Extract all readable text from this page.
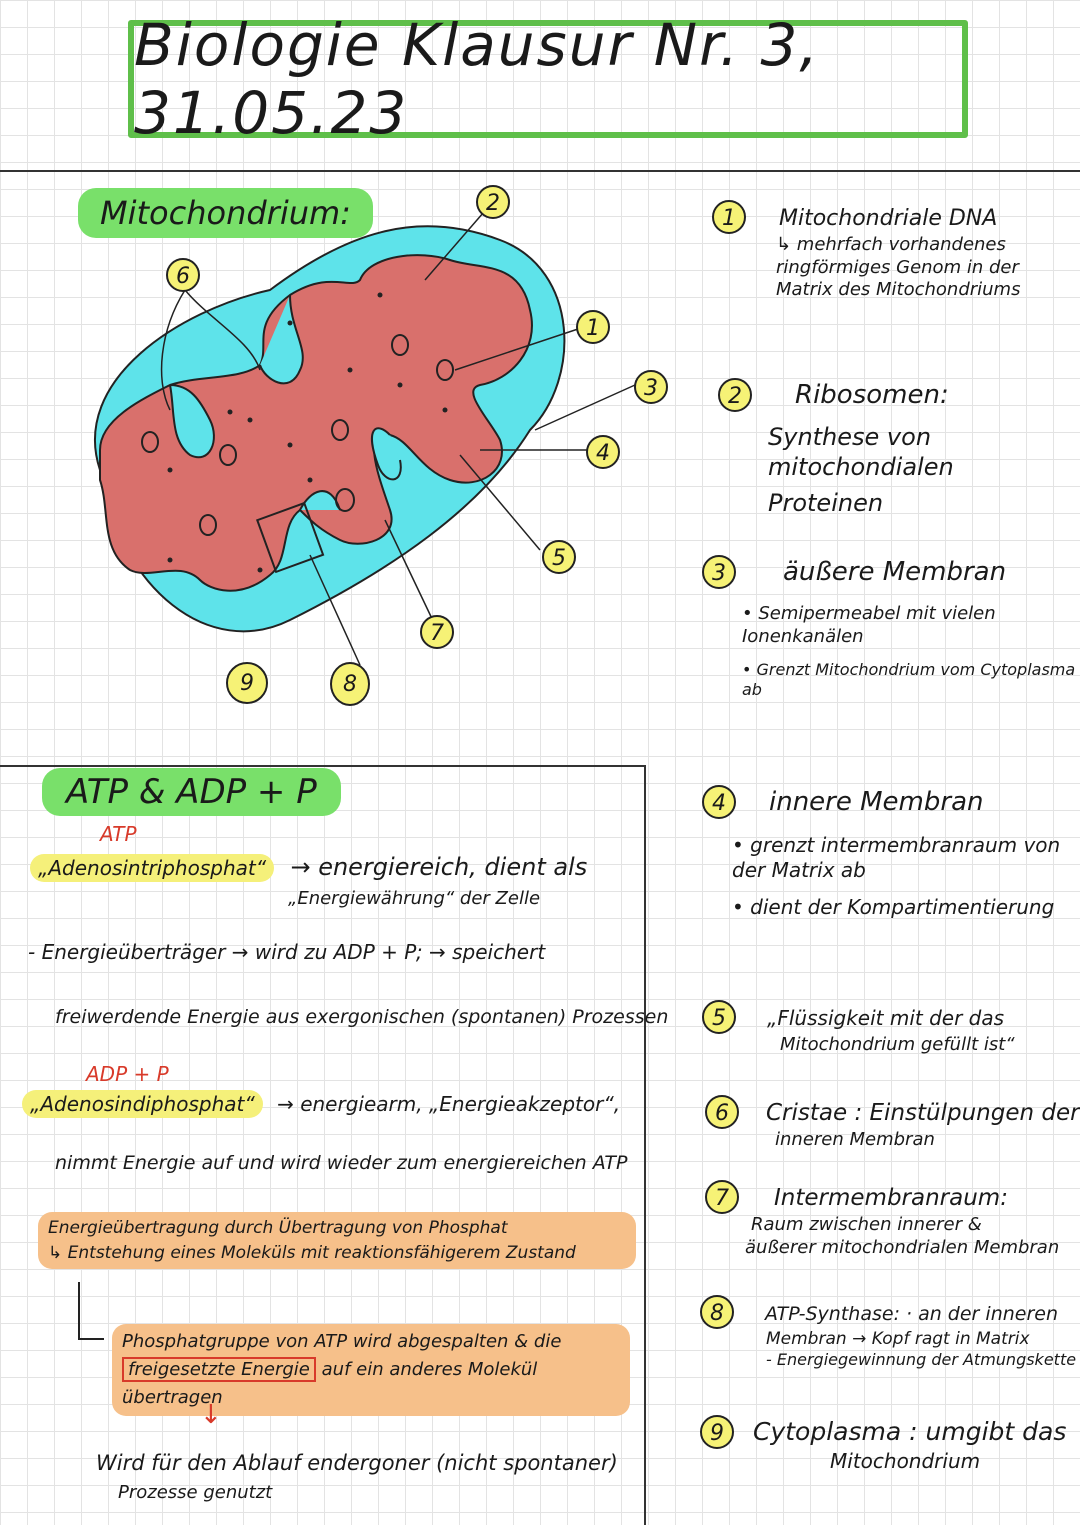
Biologie Klausur Nr. 3, 31.05.23
Mitochondrium:	2
6
1
3
4
5
7
9	8
1 Mitochondriale DNA
↳ mehrfach vorhandenes
ringförmiges Genom in der
Matrix des Mitochondriums
2 Ribosomen:
Synthese von mitochondialen
Proteinen
3 äußere Membran
• Semipermeabel mit vielen Ionenkanälen
• Grenzt Mitochondrium vom Cytoplasma ab
4 innere Membran
• grenzt intermembranraum von der Matrix ab
• dient der Kompartimentierung
5 „Flüssigkeit mit der das
Mitochondrium gefüllt ist“
6 Cristae : Einstülpungen der
inneren Membran
7 Intermembranraum:
Raum zwischen innerer &
äußerer mitochondrialen Membran
8 ATP-Synthase: · an der inneren
Membran → Kopf ragt in Matrix
- Energiegewinnung der Atmungskette
9 Cytoplasma : umgibt das
Mitochondrium
ATP & ADP + P
ATP
„Adenosintriphosphat“ → energiereich, dient als
„Energiewährung“ der Zelle
- Energieüberträger → wird zu ADP + P; → speichert
freiwerdende Energie aus exergonischen (spontanen) Prozessen
ADP + P
„Adenosindiphosphat“ → energiearm, „Energieakzeptor“,
nimmt Energie auf und wird wieder zum energiereichen ATP
Energieübertragung durch Übertragung von Phosphat
↳ Entstehung eines Moleküls mit reaktionsfähigerem Zustand
Phosphatgruppe von ATP wird abgespalten & die
freigesetzte Energie auf ein anderes Molekül übertragen
↓
Wird für den Ablauf endergoner (nicht spontaner)
Prozesse genutzt
